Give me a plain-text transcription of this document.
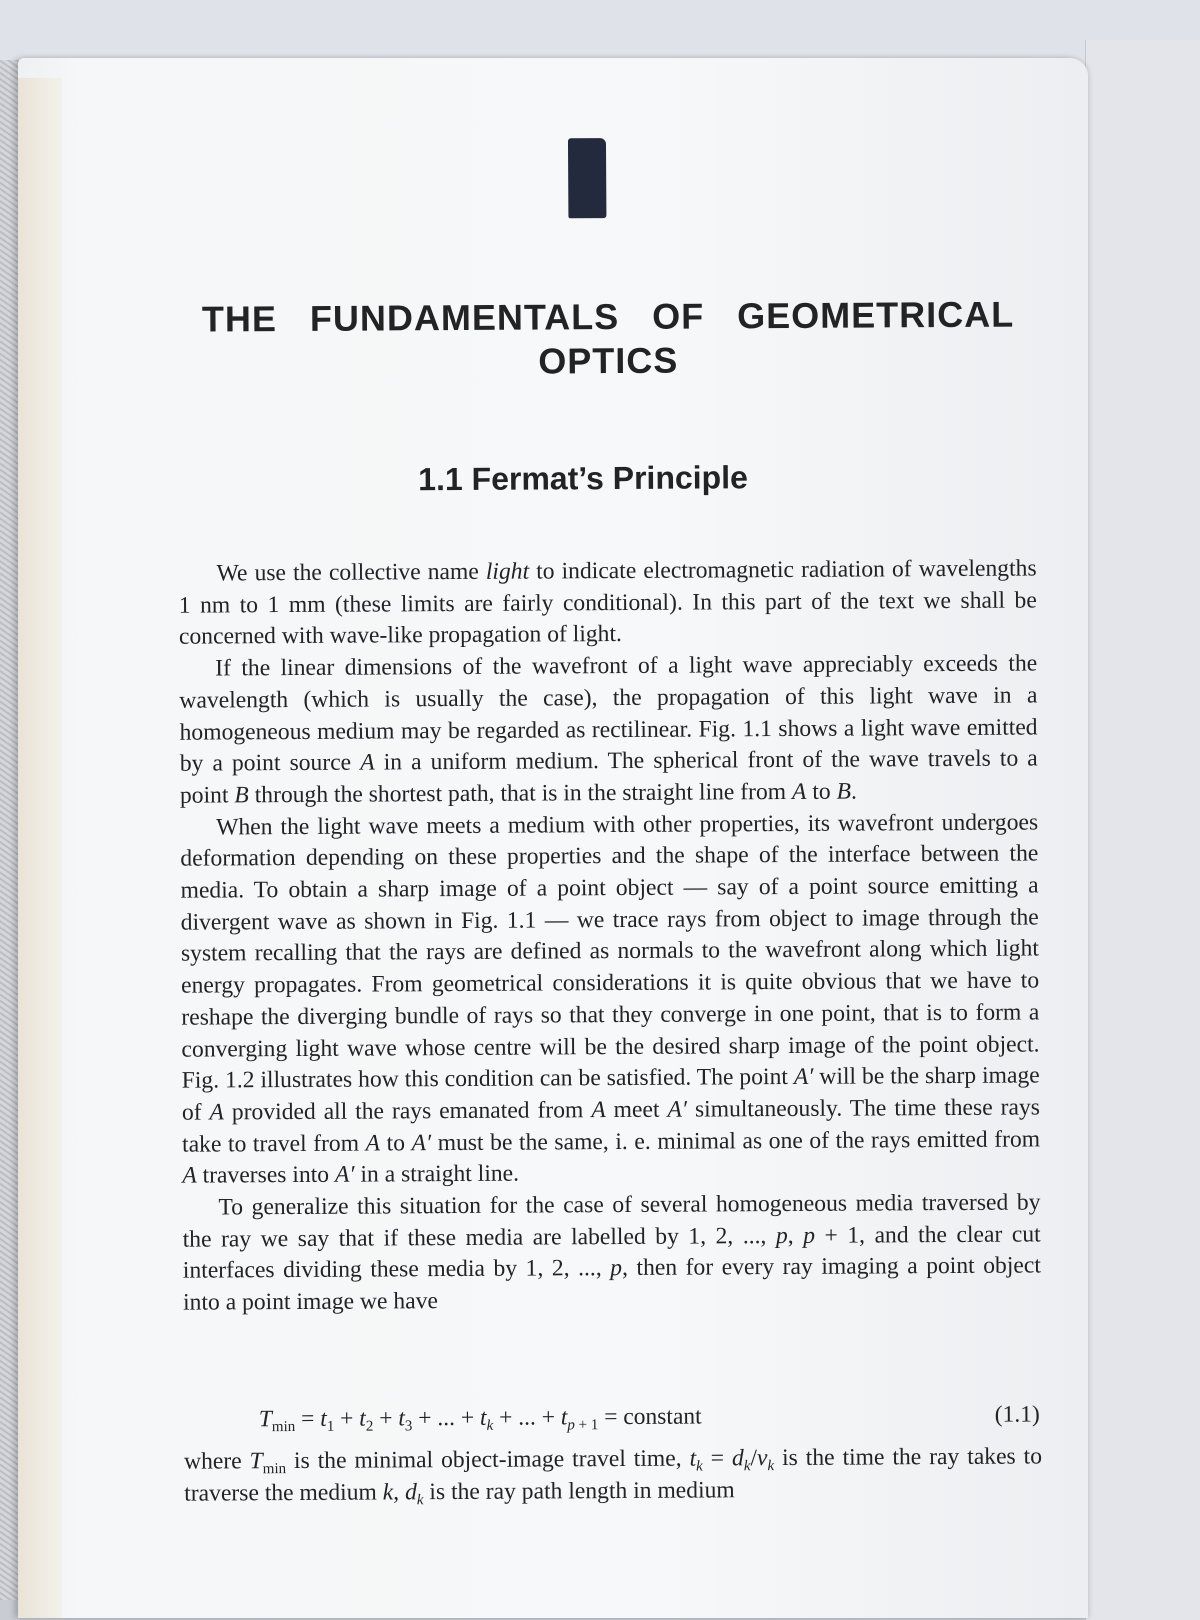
THE FUNDAMENTALS OF GEOMETRICAL OPTICS
1.1 Fermat’s Principle

We use the collective name light to indicate electromagnetic radiation of wavelengths 1 nm to 1 mm (these limits are fairly conditional). In this part of the text we shall be concerned with wave-like propagation of light.

If the linear dimensions of the wavefront of a light wave appreciably exceeds the wavelength (which is usually the case), the propagation of this light wave in a homogeneous medium may be regarded as rectilinear. Fig. 1.1 shows a light wave emitted by a point source A in a uniform medium. The spherical front of the wave travels to a point B through the shortest path, that is in the straight line from A to B.

When the light wave meets a medium with other properties, its wavefront undergoes deformation depending on these properties and the shape of the interface between the media. To obtain a sharp image of a point object — say of a point source emitting a divergent wave as shown in Fig. 1.1 — we trace rays from object to image through the system recalling that the rays are defined as normals to the wavefront along which light energy propagates. From geometrical considerations it is quite obvious that we have to reshape the diverging bundle of rays so that they converge in one point, that is to form a converging light wave whose centre will be the desired sharp image of the point object. Fig. 1.2 illustrates how this condition can be satisfied. The point A′ will be the sharp image of A provided all the rays emanated from A meet A′ simultaneously. The time these rays take to travel from A to A′ must be the same, i. e. minimal as one of the rays emitted from A traverses into A′ in a straight line.

To generalize this situation for the case of several homogeneous media traversed by the ray we say that if these media are labelled by 1, 2, ..., p, p + 1, and the clear cut interfaces dividing these media by 1, 2, ..., p, then for every ray imaging a point object into a point image we have

$T_{min} = t_1 + t_2 + t_3$ + ... + $t_k$ + ... + $t_{p + 1}$ = constant	(1.1)
where $T_{min}$ is the minimal object-image travel time, $t_k = d_k/v_k$ is the time the ray takes to traverse the medium k, $d_k$ is the ray path length in medium
